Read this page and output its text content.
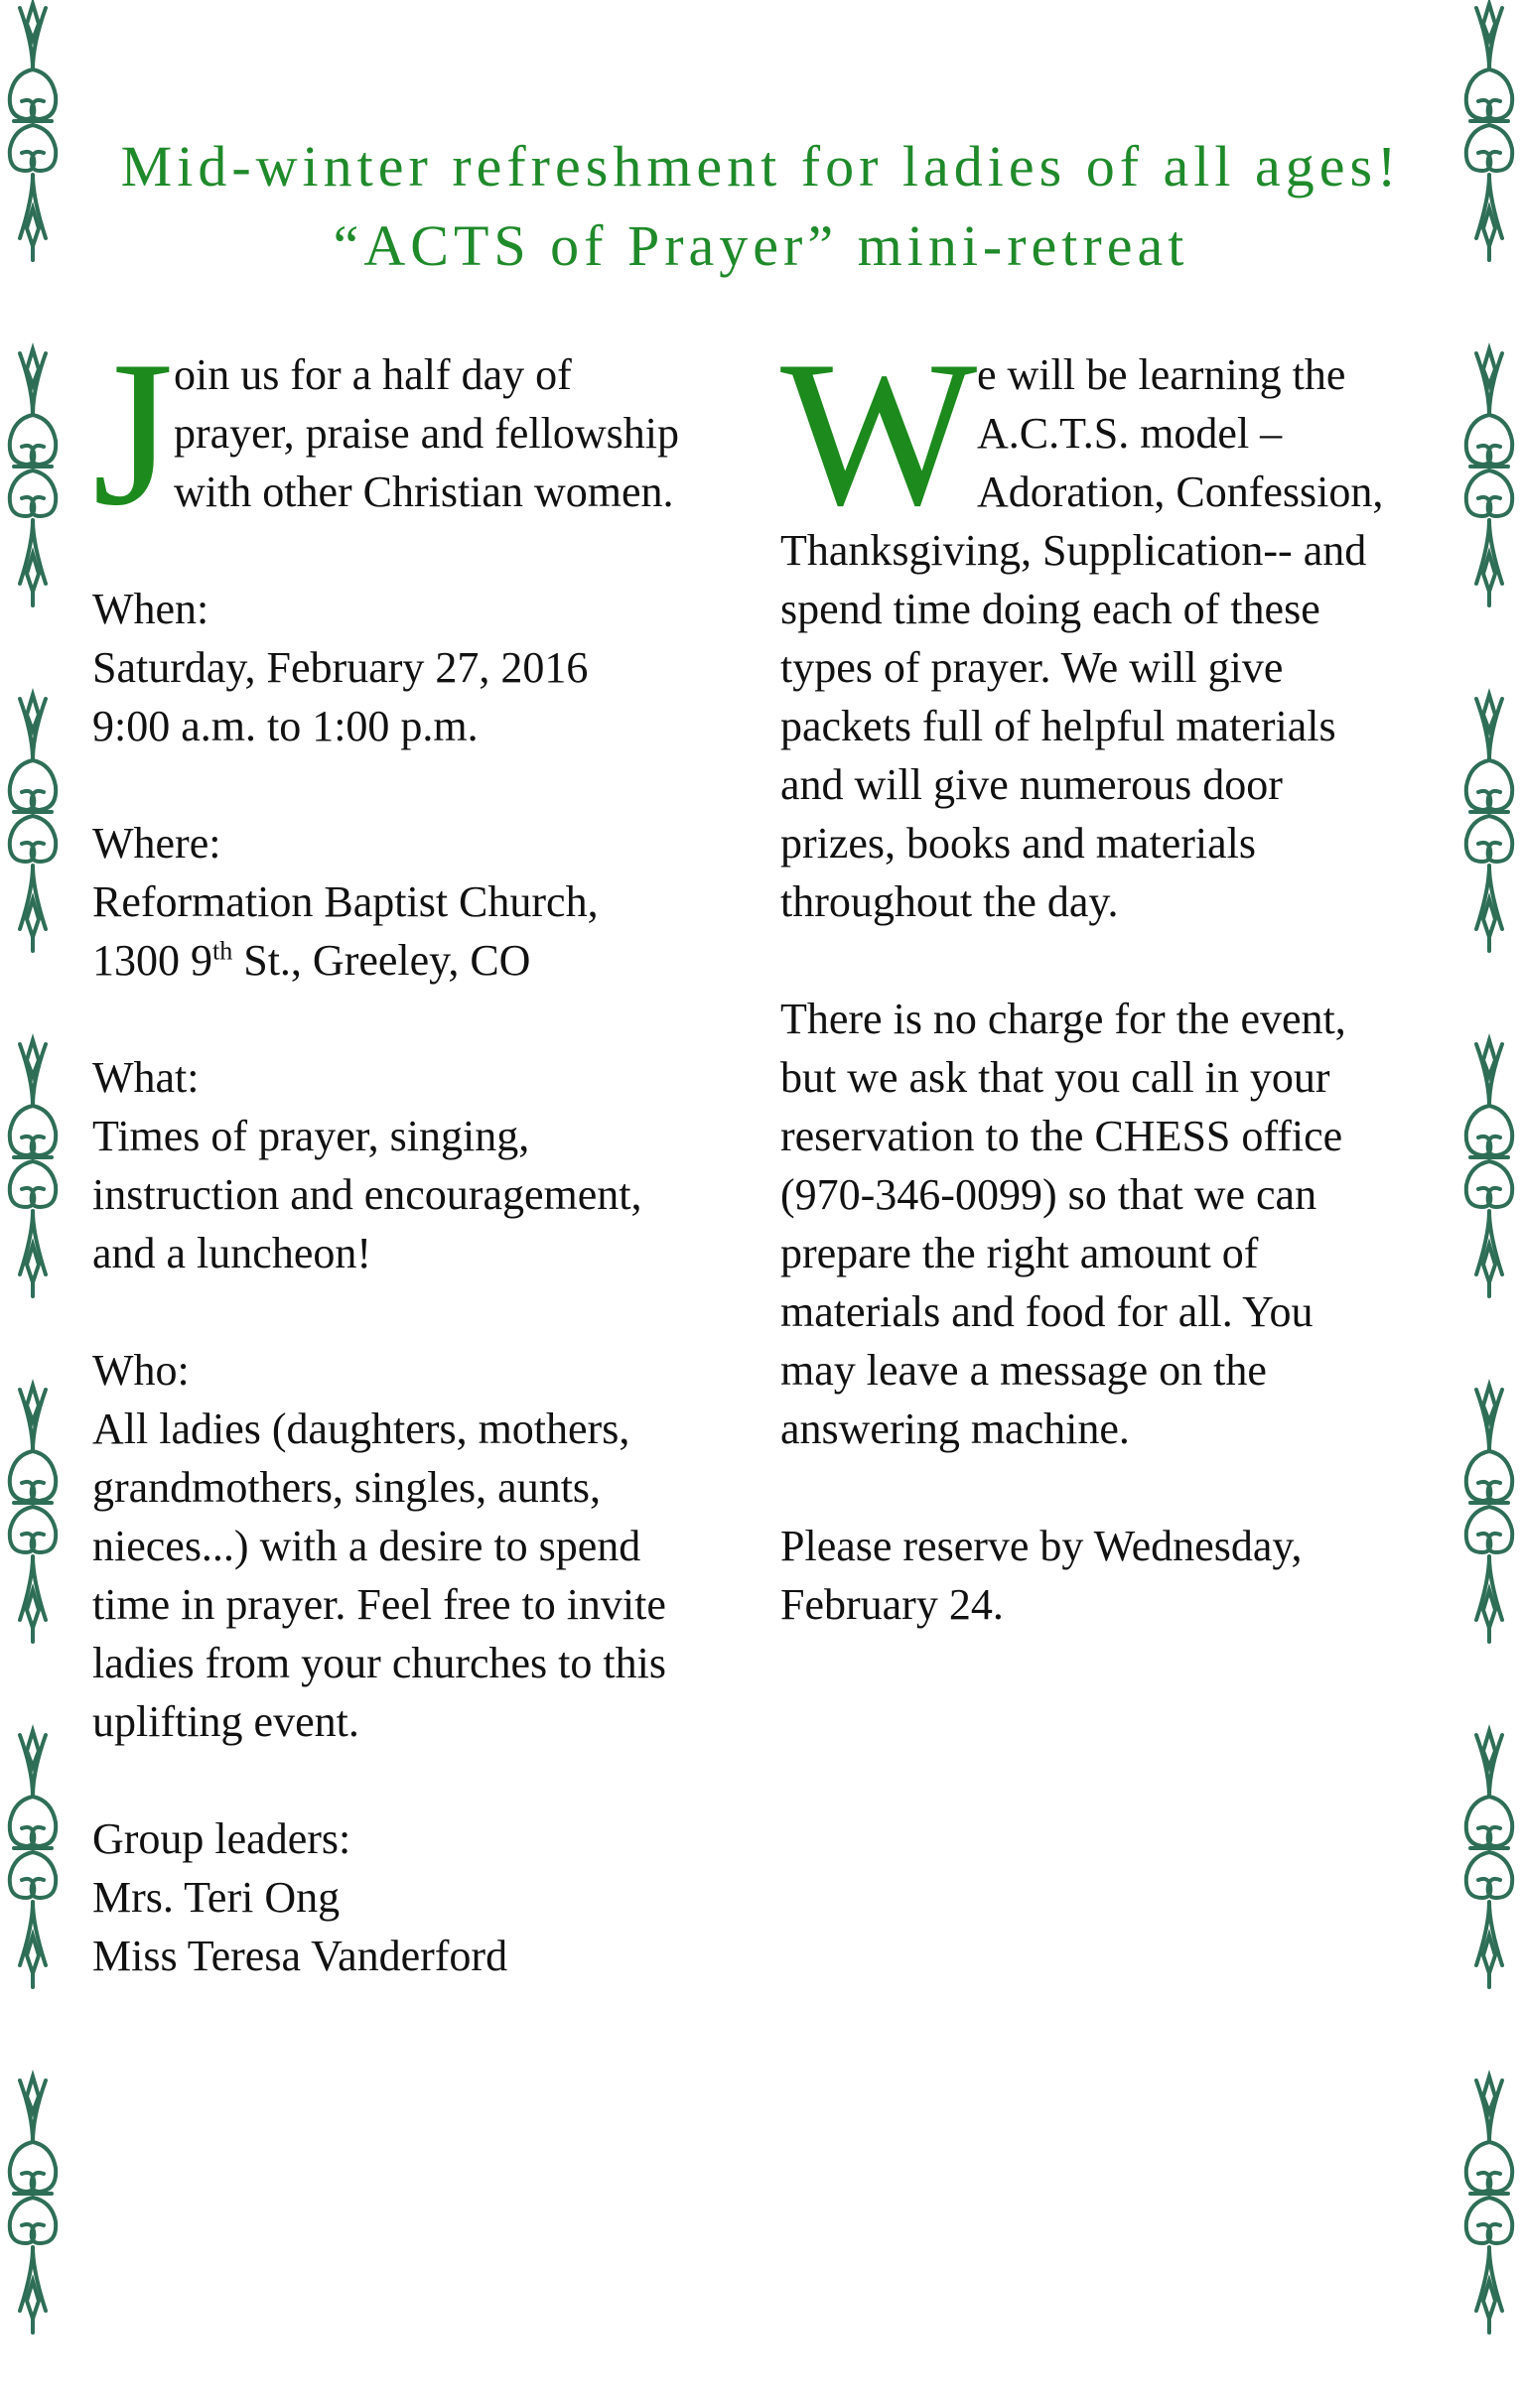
Mid-winter refreshment for ladies of all ages!
“ACTS of Prayer” mini-retreat
J oin us for a half day of prayer, praise and fellowship with other Christian women.

When:

Saturday, February 27, 2016

9:00 a.m. to 1:00 p.m.

Where:

Reformation Baptist Church,

1300 9th St., Greeley, CO

What:

Times of prayer, singing, instruction and encouragement, and a luncheon!

Who:

All ladies (daughters, mothers, grandmothers, singles, aunts, nieces...) with a desire to spend time in prayer. Feel free to invite ladies from your churches to this uplifting event.

Group leaders:

Mrs. Teri Ong

Miss Teresa Vanderford

W e will be learning the A.C.T.S. model – Adoration, Confession, Thanksgiving, Supplication-- and spend time doing each of these types of prayer. We will give packets full of helpful materials and will give numerous door prizes, books and materials throughout the day.

There is no charge for the event, but we ask that you call in your reservation to the CHESS office
(970-346-0099) so that we can prepare the right amount of materials and food for all. You may leave a message on the answering machine.

Please reserve by Wednesday, February 24.
